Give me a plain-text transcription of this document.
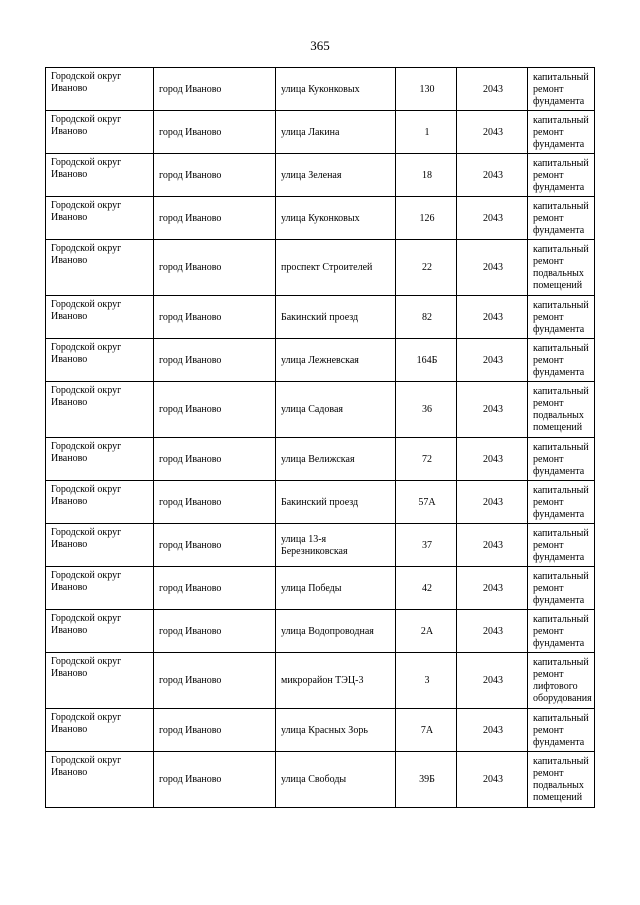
365
Городской округ Иваново	город Иваново	улица Куконковых	130	2043	капитальный ремонт фундамента
Городской округ Иваново	город Иваново	улица Лакина	1	2043	капитальный ремонт фундамента
Городской округ Иваново	город Иваново	улица Зеленая	18	2043	капитальный ремонт фундамента
Городской округ Иваново	город Иваново	улица Куконковых	126	2043	капитальный ремонт фундамента
Городской округ Иваново	город Иваново	проспект Строителей	22	2043	капитальный ремонт подвальных помещений
Городской округ Иваново	город Иваново	Бакинский проезд	82	2043	капитальный ремонт фундамента
Городской округ Иваново	город Иваново	улица Лежневская	164Б	2043	капитальный ремонт фундамента
Городской округ Иваново	город Иваново	улица Садовая	36	2043	капитальный ремонт подвальных помещений
Городской округ Иваново	город Иваново	улица Велижская	72	2043	капитальный ремонт фундамента
Городской округ Иваново	город Иваново	Бакинский проезд	57А	2043	капитальный ремонт фундамента
Городской округ Иваново	город Иваново	улица 13-я Березниковская	37	2043	капитальный ремонт фундамента
Городской округ Иваново	город Иваново	улица Победы	42	2043	капитальный ремонт фундамента
Городской округ Иваново	город Иваново	улица Водопроводная	2А	2043	капитальный ремонт фундамента
Городской округ Иваново	город Иваново	микрорайон ТЭЦ-3	3	2043	капитальный ремонт лифтового оборудования
Городской округ Иваново	город Иваново	улица Красных Зорь	7А	2043	капитальный ремонт фундамента
Городской округ Иваново	город Иваново	улица Свободы	39Б	2043	капитальный ремонт подвальных помещений
